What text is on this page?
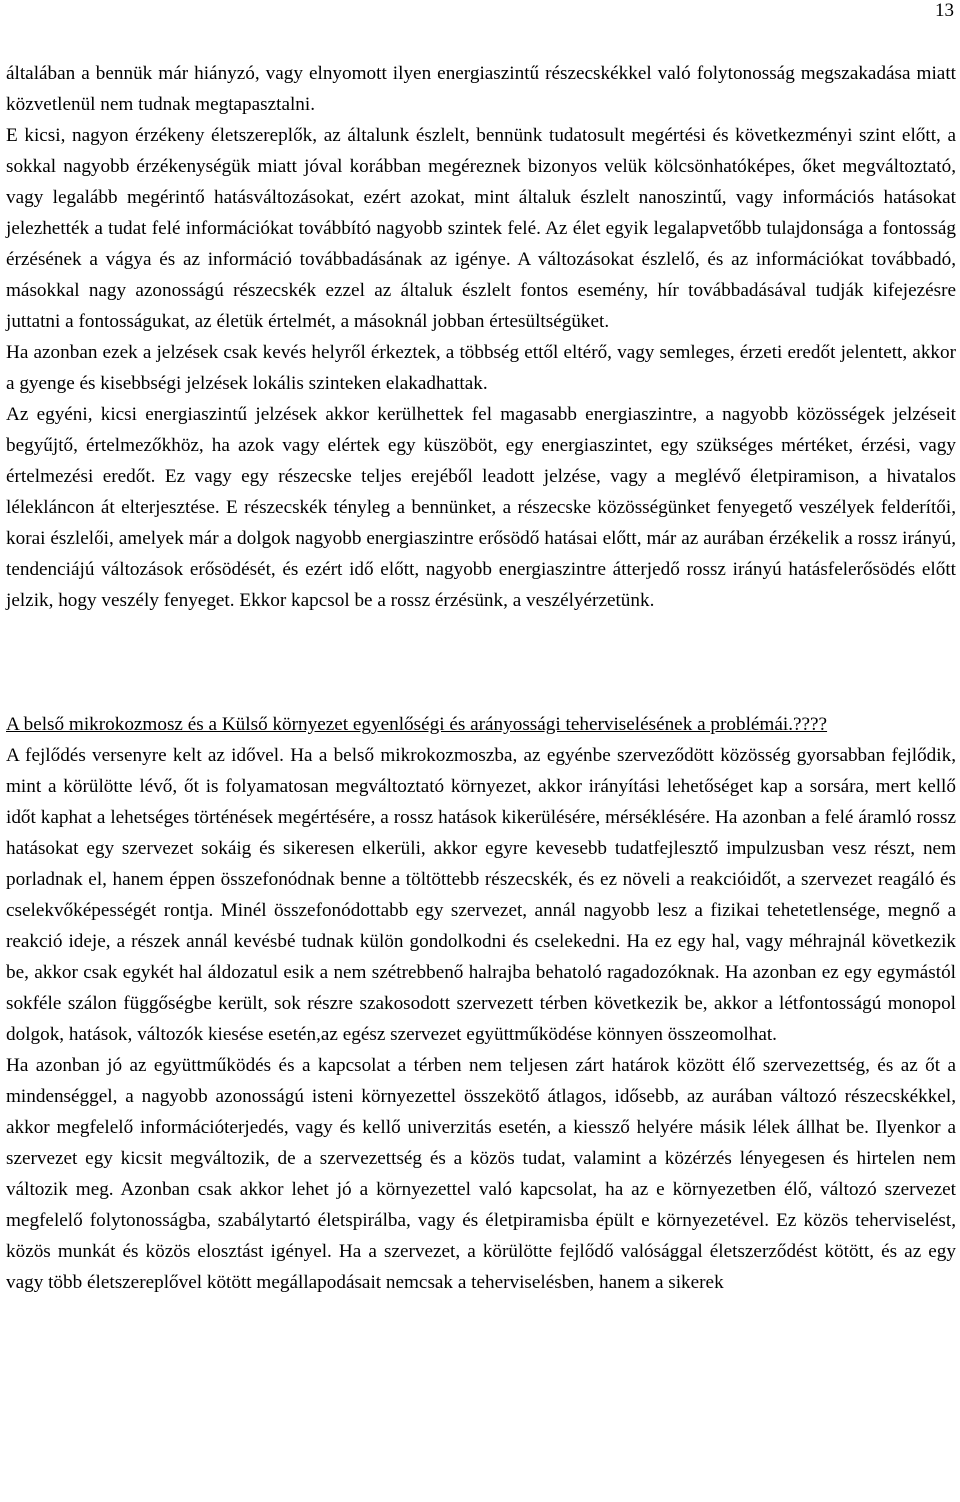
13

általában a bennük már hiányzó, vagy elnyomott ilyen energiaszintű részecskékkel való folytonosság megszakadása miatt közvetlenül nem tudnak megtapasztalni.

E kicsi, nagyon érzékeny életszereplők, az általunk észlelt, bennünk tudatosult megértési és következményi szint előtt, a sokkal nagyobb érzékenységük miatt jóval korábban megéreznek bizonyos velük kölcsönhatóképes, őket megváltoztató, vagy legalább megérintő hatásváltozásokat, ezért azokat, mint általuk észlelt nanoszintű, vagy információs hatásokat jelezhették a tudat felé információkat továbbító nagyobb szintek felé. Az élet egyik legalapvetőbb tulajdonsága a fontosság érzésének a vágya és az információ továbbadásának az igénye. A változásokat észlelő, és az információkat továbbadó, másokkal nagy azonosságú részecskék ezzel az általuk észlelt fontos esemény, hír továbbadásával tudják kifejezésre juttatni a fontosságukat, az életük értelmét, a másoknál jobban értesültségüket.

Ha azonban ezek a jelzések csak kevés helyről érkeztek, a többség ettől eltérő, vagy semleges, érzeti eredőt jelentett, akkor a gyenge és kisebbségi jelzések lokális szinteken elakadhattak.

Az egyéni, kicsi energiaszintű jelzések akkor kerülhettek fel magasabb energiaszintre, a nagyobb közösségek jelzéseit begyűjtő, értelmezőkhöz, ha azok vagy elértek egy küszöböt, egy energiaszintet, egy szükséges mértéket, érzési, vagy értelmezési eredőt. Ez vagy egy részecske teljes erejéből leadott jelzése, vagy a meglévő életpiramison, a hivatalos lélekláncon át elterjesztése. E részecskék tényleg a bennünket, a részecske közösségünket fenyegető veszélyek felderítői, korai észlelői, amelyek már a dolgok nagyobb energiaszintre erősödő hatásai előtt, már az aurában érzékelik a rossz irányú, tendenciájú változások erősödését, és ezért idő előtt, nagyobb energiaszintre átterjedő rossz irányú hatásfelerősödés előtt jelzik, hogy veszély fenyeget. Ekkor kapcsol be a rossz érzésünk, a veszélyérzetünk.

A belső mikrokozmosz és a Külső környezet egyenlőségi és arányossági teherviselésének a problémái.????

A fejlődés versenyre kelt az idővel. Ha a belső mikrokozmoszba, az egyénbe szerveződött közösség gyorsabban fejlődik, mint a körülötte lévő, őt is folyamatosan megváltoztató környezet, akkor irányítási lehetőséget kap a sorsára, mert kellő időt kaphat a lehetséges történések megértésére, a rossz hatások kikerülésére, mérséklésére. Ha azonban a felé áramló rossz hatásokat egy szervezet sokáig és sikeresen elkerüli, akkor egyre kevesebb tudatfejlesztő impulzusban vesz részt, nem porladnak el, hanem éppen összefonódnak benne a töltöttebb részecskék, és ez növeli a reakcióidőt, a szervezet reagáló és cselekvőképességét rontja. Minél összefonódottabb egy szervezet, annál nagyobb lesz a fizikai tehetetlensége, megnő a reakció ideje, a részek annál kevésbé tudnak külön gondolkodni és cselekedni. Ha ez egy hal, vagy méhrajnál következik be, akkor csak egykét hal áldozatul esik a nem szétrebbenő halrajba behatoló ragadozóknak. Ha azonban ez egy egymástól sokféle szálon függőségbe került, sok részre szakosodott szervezett térben következik be, akkor a létfontosságú monopol dolgok, hatások, változók kiesése esetén,az egész szervezet együttműködése könnyen összeomolhat.

Ha azonban jó az együttműködés és a kapcsolat a térben nem teljesen zárt határok között élő szervezettség, és az őt a mindenséggel, a nagyobb azonosságú isteni környezettel összekötő átlagos, idősebb, az aurában változó részecskékkel, akkor megfelelő információterjedés, vagy és kellő univerzitás esetén, a kiessző helyére másik lélek állhat be. Ilyenkor a szervezet egy kicsit megváltozik, de a szervezettség és a közös tudat, valamint a közérzés lényegesen és hirtelen nem változik meg. Azonban csak akkor lehet jó a környezettel való kapcsolat, ha az e környezetben élő, változó szervezet megfelelő folytonosságba, szabálytartó életspirálba, vagy és életpiramisba épült e környezetével. Ez közös teherviselést, közös munkát és közös elosztást igényel. Ha a szervezet, a körülötte fejlődő valósággal életszerződést kötött, és az egy vagy több életszereplővel kötött megállapodásait nemcsak a teherviselésben, hanem a sikerek
